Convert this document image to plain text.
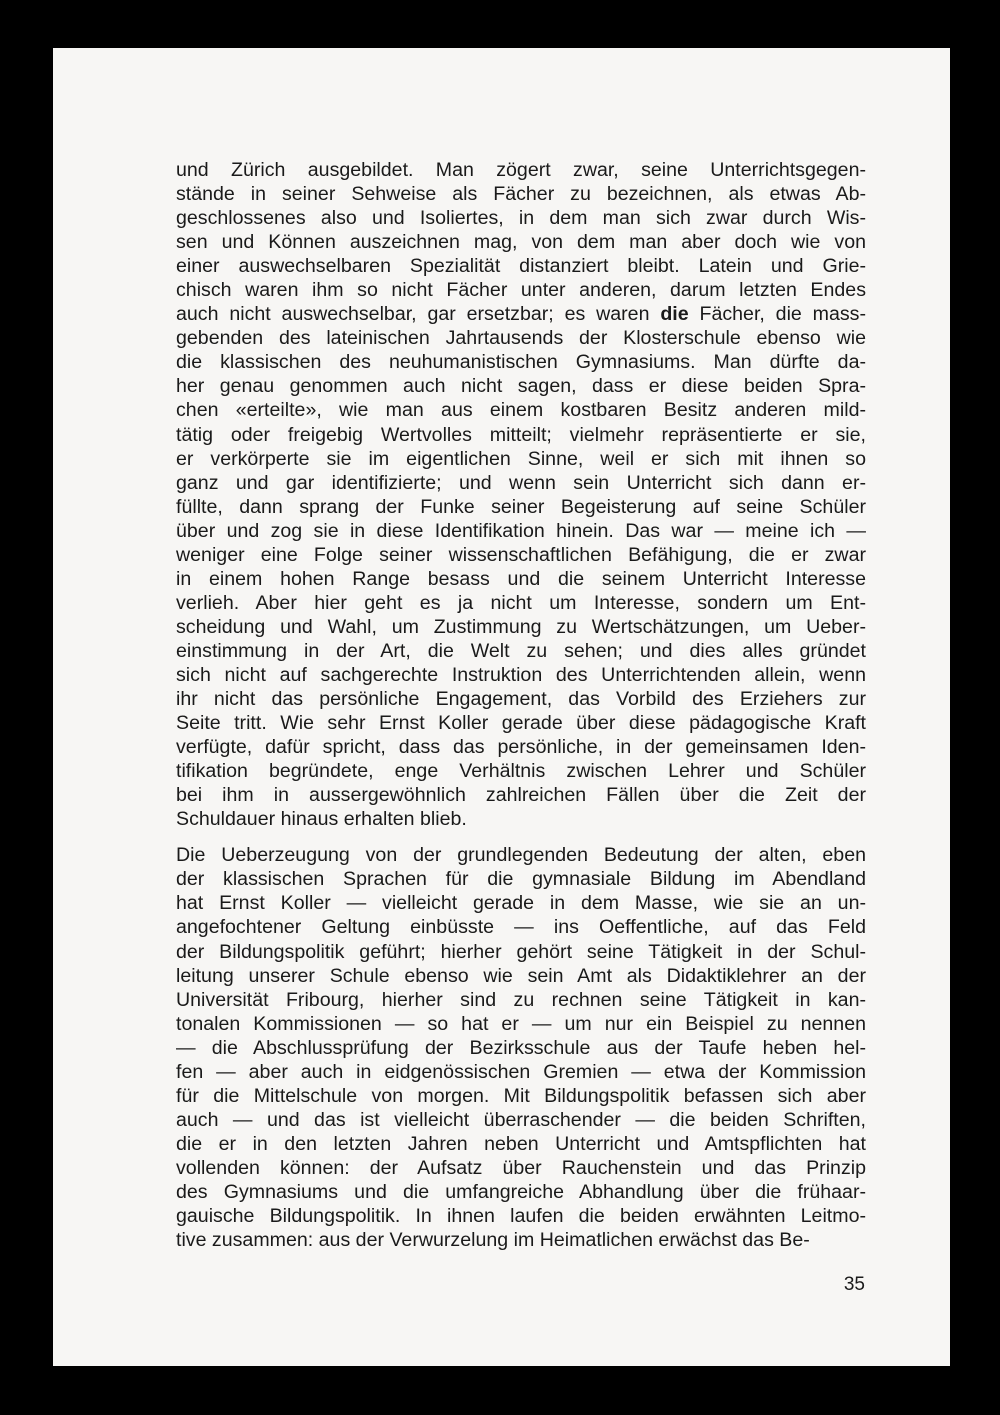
und Zürich ausgebildet. Man zögert zwar, seine Unterrichtsgegen-
stände in seiner Sehweise als Fächer zu bezeichnen, als etwas Ab-
geschlossenes also und Isoliertes, in dem man sich zwar durch Wis-
sen und Können auszeichnen mag, von dem man aber doch wie von
einer auswechselbaren Spezialität distanziert bleibt. Latein und Grie-
chisch waren ihm so nicht Fächer unter anderen, darum letzten Endes
auch nicht auswechselbar, gar ersetzbar; es waren die Fächer, die mass-
gebenden des lateinischen Jahrtausends der Klosterschule ebenso wie
die klassischen des neuhumanistischen Gymnasiums. Man dürfte da-
her genau genommen auch nicht sagen, dass er diese beiden Spra-
chen «erteilte», wie man aus einem kostbaren Besitz anderen mild-
tätig oder freigebig Wertvolles mitteilt; vielmehr repräsentierte er sie,
er verkörperte sie im eigentlichen Sinne, weil er sich mit ihnen so
ganz und gar identifizierte; und wenn sein Unterricht sich dann er-
füllte, dann sprang der Funke seiner Begeisterung auf seine Schüler
über und zog sie in diese Identifikation hinein. Das war — meine ich —
weniger eine Folge seiner wissenschaftlichen Befähigung, die er zwar
in einem hohen Range besass und die seinem Unterricht Interesse
verlieh. Aber hier geht es ja nicht um Interesse, sondern um Ent-
scheidung und Wahl, um Zustimmung zu Wertschätzungen, um Ueber-
einstimmung in der Art, die Welt zu sehen; und dies alles gründet
sich nicht auf sachgerechte Instruktion des Unterrichtenden allein, wenn
ihr nicht das persönliche Engagement, das Vorbild des Erziehers zur
Seite tritt. Wie sehr Ernst Koller gerade über diese pädagogische Kraft
verfügte, dafür spricht, dass das persönliche, in der gemeinsamen Iden-
tifikation begründete, enge Verhältnis zwischen Lehrer und Schüler
bei ihm in aussergewöhnlich zahlreichen Fällen über die Zeit der
Schuldauer hinaus erhalten blieb.
Die Ueberzeugung von der grundlegenden Bedeutung der alten, eben
der klassischen Sprachen für die gymnasiale Bildung im Abendland
hat Ernst Koller — vielleicht gerade in dem Masse, wie sie an un-
angefochtener Geltung einbüsste — ins Oeffentliche, auf das Feld
der Bildungspolitik geführt; hierher gehört seine Tätigkeit in der Schul-
leitung unserer Schule ebenso wie sein Amt als Didaktiklehrer an der
Universität Fribourg, hierher sind zu rechnen seine Tätigkeit in kan-
tonalen Kommissionen — so hat er — um nur ein Beispiel zu nennen
— die Abschlussprüfung der Bezirksschule aus der Taufe heben hel-
fen — aber auch in eidgenössischen Gremien — etwa der Kommission
für die Mittelschule von morgen. Mit Bildungspolitik befassen sich aber
auch — und das ist vielleicht überraschender — die beiden Schriften,
die er in den letzten Jahren neben Unterricht und Amtspflichten hat
vollenden können: der Aufsatz über Rauchenstein und das Prinzip
des Gymnasiums und die umfangreiche Abhandlung über die frühaar-
gauische Bildungspolitik. In ihnen laufen die beiden erwähnten Leitmo-
tive zusammen: aus der Verwurzelung im Heimatlichen erwächst das Be-
35
